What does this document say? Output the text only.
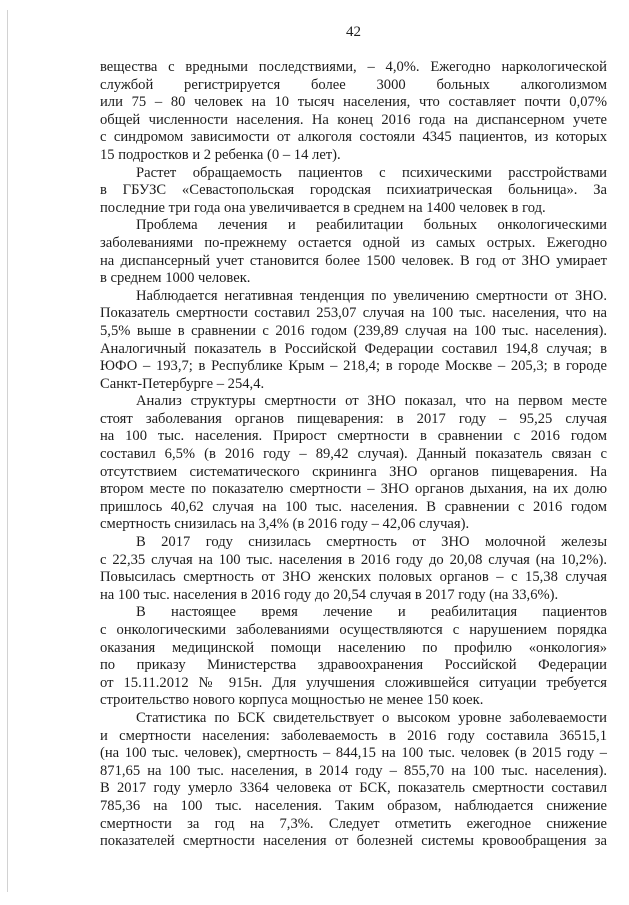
42
вещества с вредными последствиями, – 4,0%. Ежегодно наркологической
службой регистрируется более 3000 больных алкоголизмом
или 75 – 80 человек на 10 тысяч населения, что составляет почти 0,07%
общей численности населения. На конец 2016 года на диспансерном учете
с синдромом зависимости от алкоголя состояли 4345 пациентов, из которых
15 подростков и 2 ребенка (0 – 14 лет).
Растет обращаемость пациентов с психическими расстройствами
в ГБУЗС «Севастопольская городская психиатрическая больница». За
последние три года она увеличивается в среднем на 1400 человек в год.
Проблема лечения и реабилитации больных онкологическими
заболеваниями по-прежнему остается одной из самых острых. Ежегодно
на диспансерный учет становится более 1500 человек. В год от ЗНО умирает
в среднем 1000 человек.
Наблюдается негативная тенденция по увеличению смертности от ЗНО.
Показатель смертности составил 253,07 случая на 100 тыс. населения, что на
5,5% выше в сравнении с 2016 годом (239,89 случая на 100 тыс. населения).
Аналогичный показатель в Российской Федерации составил 194,8 случая; в
ЮФО – 193,7; в Республике Крым – 218,4; в городе Москве – 205,3; в городе
Санкт-Петербурге – 254,4.
Анализ структуры смертности от ЗНО показал, что на первом месте
стоят заболевания органов пищеварения: в 2017 году – 95,25 случая
на 100 тыс. населения. Прирост смертности в сравнении с 2016 годом
составил 6,5% (в 2016 году – 89,42 случая). Данный показатель связан с
отсутствием систематического скрининга ЗНО органов пищеварения. На
втором месте по показателю смертности – ЗНО органов дыхания, на их долю
пришлось 40,62 случая на 100 тыс. населения. В сравнении с 2016 годом
смертность снизилась на 3,4% (в 2016 году – 42,06 случая).
В 2017 году снизилась смертность от ЗНО молочной железы
с 22,35 случая на 100 тыс. населения в 2016 году до 20,08 случая (на 10,2%).
Повысилась смертность от ЗНО женских половых органов – с 15,38 случая
на 100 тыс. населения в 2016 году до 20,54 случая в 2017 году (на 33,6%).
В настоящее время лечение и реабилитация пациентов
с онкологическими заболеваниями осуществляются с нарушением порядка
оказания медицинской помощи населению по профилю «онкология»
по приказу Министерства здравоохранения Российской Федерации
от 15.11.2012 № 915н. Для улучшения сложившейся ситуации требуется
строительство нового корпуса мощностью не менее 150 коек.
Статистика по БСК свидетельствует о высоком уровне заболеваемости
и смертности населения: заболеваемость в 2016 году составила 36515,1
(на 100 тыс. человек), смертность – 844,15 на 100 тыс. человек (в 2015 году –
871,65 на 100 тыс. населения, в 2014 году – 855,70 на 100 тыс. населения).
В 2017 году умерло 3364 человека от БСК, показатель смертности составил
785,36 на 100 тыс. населения. Таким образом, наблюдается снижение
смертности за год на 7,3%. Следует отметить ежегодное снижение
показателей смертности населения от болезней системы кровообращения за
